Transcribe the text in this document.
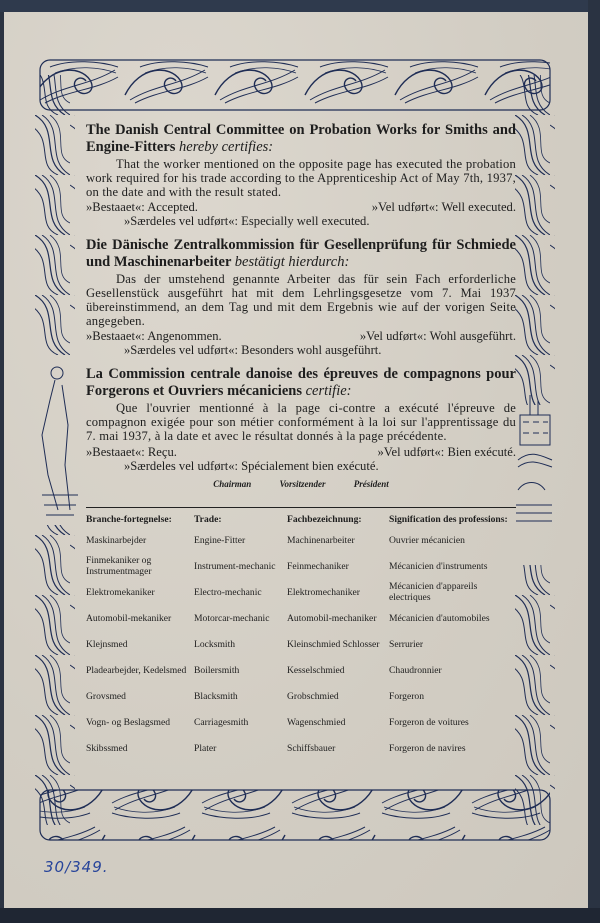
The Danish Central Committee on Probation Works for Smiths and Engine-Fitters hereby certifies:

That the worker mentioned on the opposite page has executed the probation work required for his trade according to the Apprenticeship Act of May 7th, 1937, on the date and with the result stated.

»Bestaaet«: Accepted.	»Vel udført«: Well executed.

»Særdeles vel udført«: Especially well executed.

Die Dänische Zentralkommission für Gesellenprüfung für Schmiede und Maschinenarbeiter bestätigt hierdurch:

Das der umstehend genannte Arbeiter das für sein Fach erforderliche Gesellenstück ausgeführt hat mit dem Lehrlingsgesetze vom 7. Mai 1937 übereinstimmend, an dem Tag und mit dem Ergebnis wie auf der vorigen Seite angegeben.

»Bestaaet«: Angenommen.	»Vel udført«: Wohl ausgeführt.

»Særdeles vel udført«: Besonders wohl ausgeführt.

La Commission centrale danoise des épreuves de compagnons pour Forgerons et Ouvriers mécaniciens certifie:

Que l'ouvrier mentionné à la page ci-contre a exécuté l'épreuve de compagnon exigée pour son métier conformément à la loi sur l'apprentissage du 7. mai 1937, à la date et avec le résultat donnés à la page précédente.

»Bestaaet«: Reçu.	»Vel udført«: Bien exécuté.

»Særdeles vel udført«: Spécialement bien exécuté.

Chairman Vorsitzender Président

Branche-fortegnelse:	Trade:	Fachbezeichnung:	Signification des professions:
Maskinarbejder	Engine-Fitter	Machinenarbeiter	Ouvrier mécanicien
Finmekaniker og Instrumentmager	Instrument-mechanic	Feinmechaniker	Mécanicien d'instruments
Elektromekaniker	Electro-mechanic	Elektromechaniker	Mécanicien d'appareils electriques
Automobil-mekaniker	Motorcar-mechanic	Automobil-mechaniker	Mécanicien d'automobiles
Klejnsmed	Locksmith	Kleinschmied Schlosser	Serrurier
Pladearbejder, Kedelsmed	Boilersmith	Kesselschmied	Chaudronnier
Grovsmed	Blacksmith	Grobschmied	Forgeron
Vogn- og Beslagsmed	Carriagesmith	Wagenschmied	Forgeron de voitures
Skibssmed	Plater	Schiffsbauer	Forgeron de navires
30/349.
